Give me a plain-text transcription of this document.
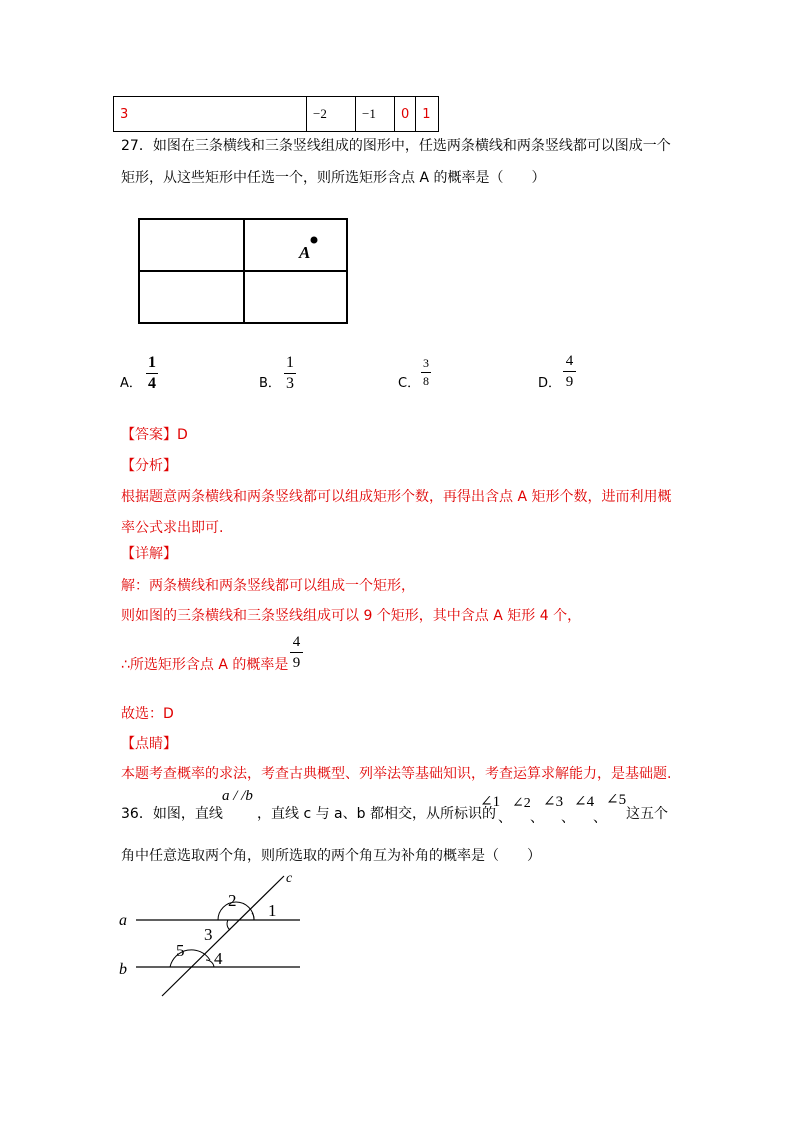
3	−2	−1	0	1
27．如图在三条横线和三条竖线组成的图形中，任选两条横线和两条竖线都可以图成一个
矩形，从这些矩形中任选一个，则所选矩形含点 A 的概率是（　　）
A
A．
1
4	B．
1
3	C．
3
8	D．
4
9
【答案】D
【分析】
根据题意两条横线和两条竖线都可以组成矩形个数，再得出含点 A 矩形个数，进而利用概
率公式求出即可.
【详解】
解：两条横线和两条竖线都可以组成一个矩形，
则如图的三条横线和三条竖线组成可以 9 个矩形，其中含点 A 矩形 4 个，
∴所选矩形含点 A 的概率是
4
9
故选：D
【点睛】
本题考查概率的求法，考查古典概型、列举法等基础知识，考查运算求解能力，是基础题.
36．如图，直线
a / /b
，直线 c 与 a、b 都相交，从所标识的
∠1
、
∠2
、
∠3
、
∠4
、
∠5
这五个
角中任意选取两个角，则所选取的两个角互为补角的概率是（　　）
a
b
c
1
2
3
4
5
